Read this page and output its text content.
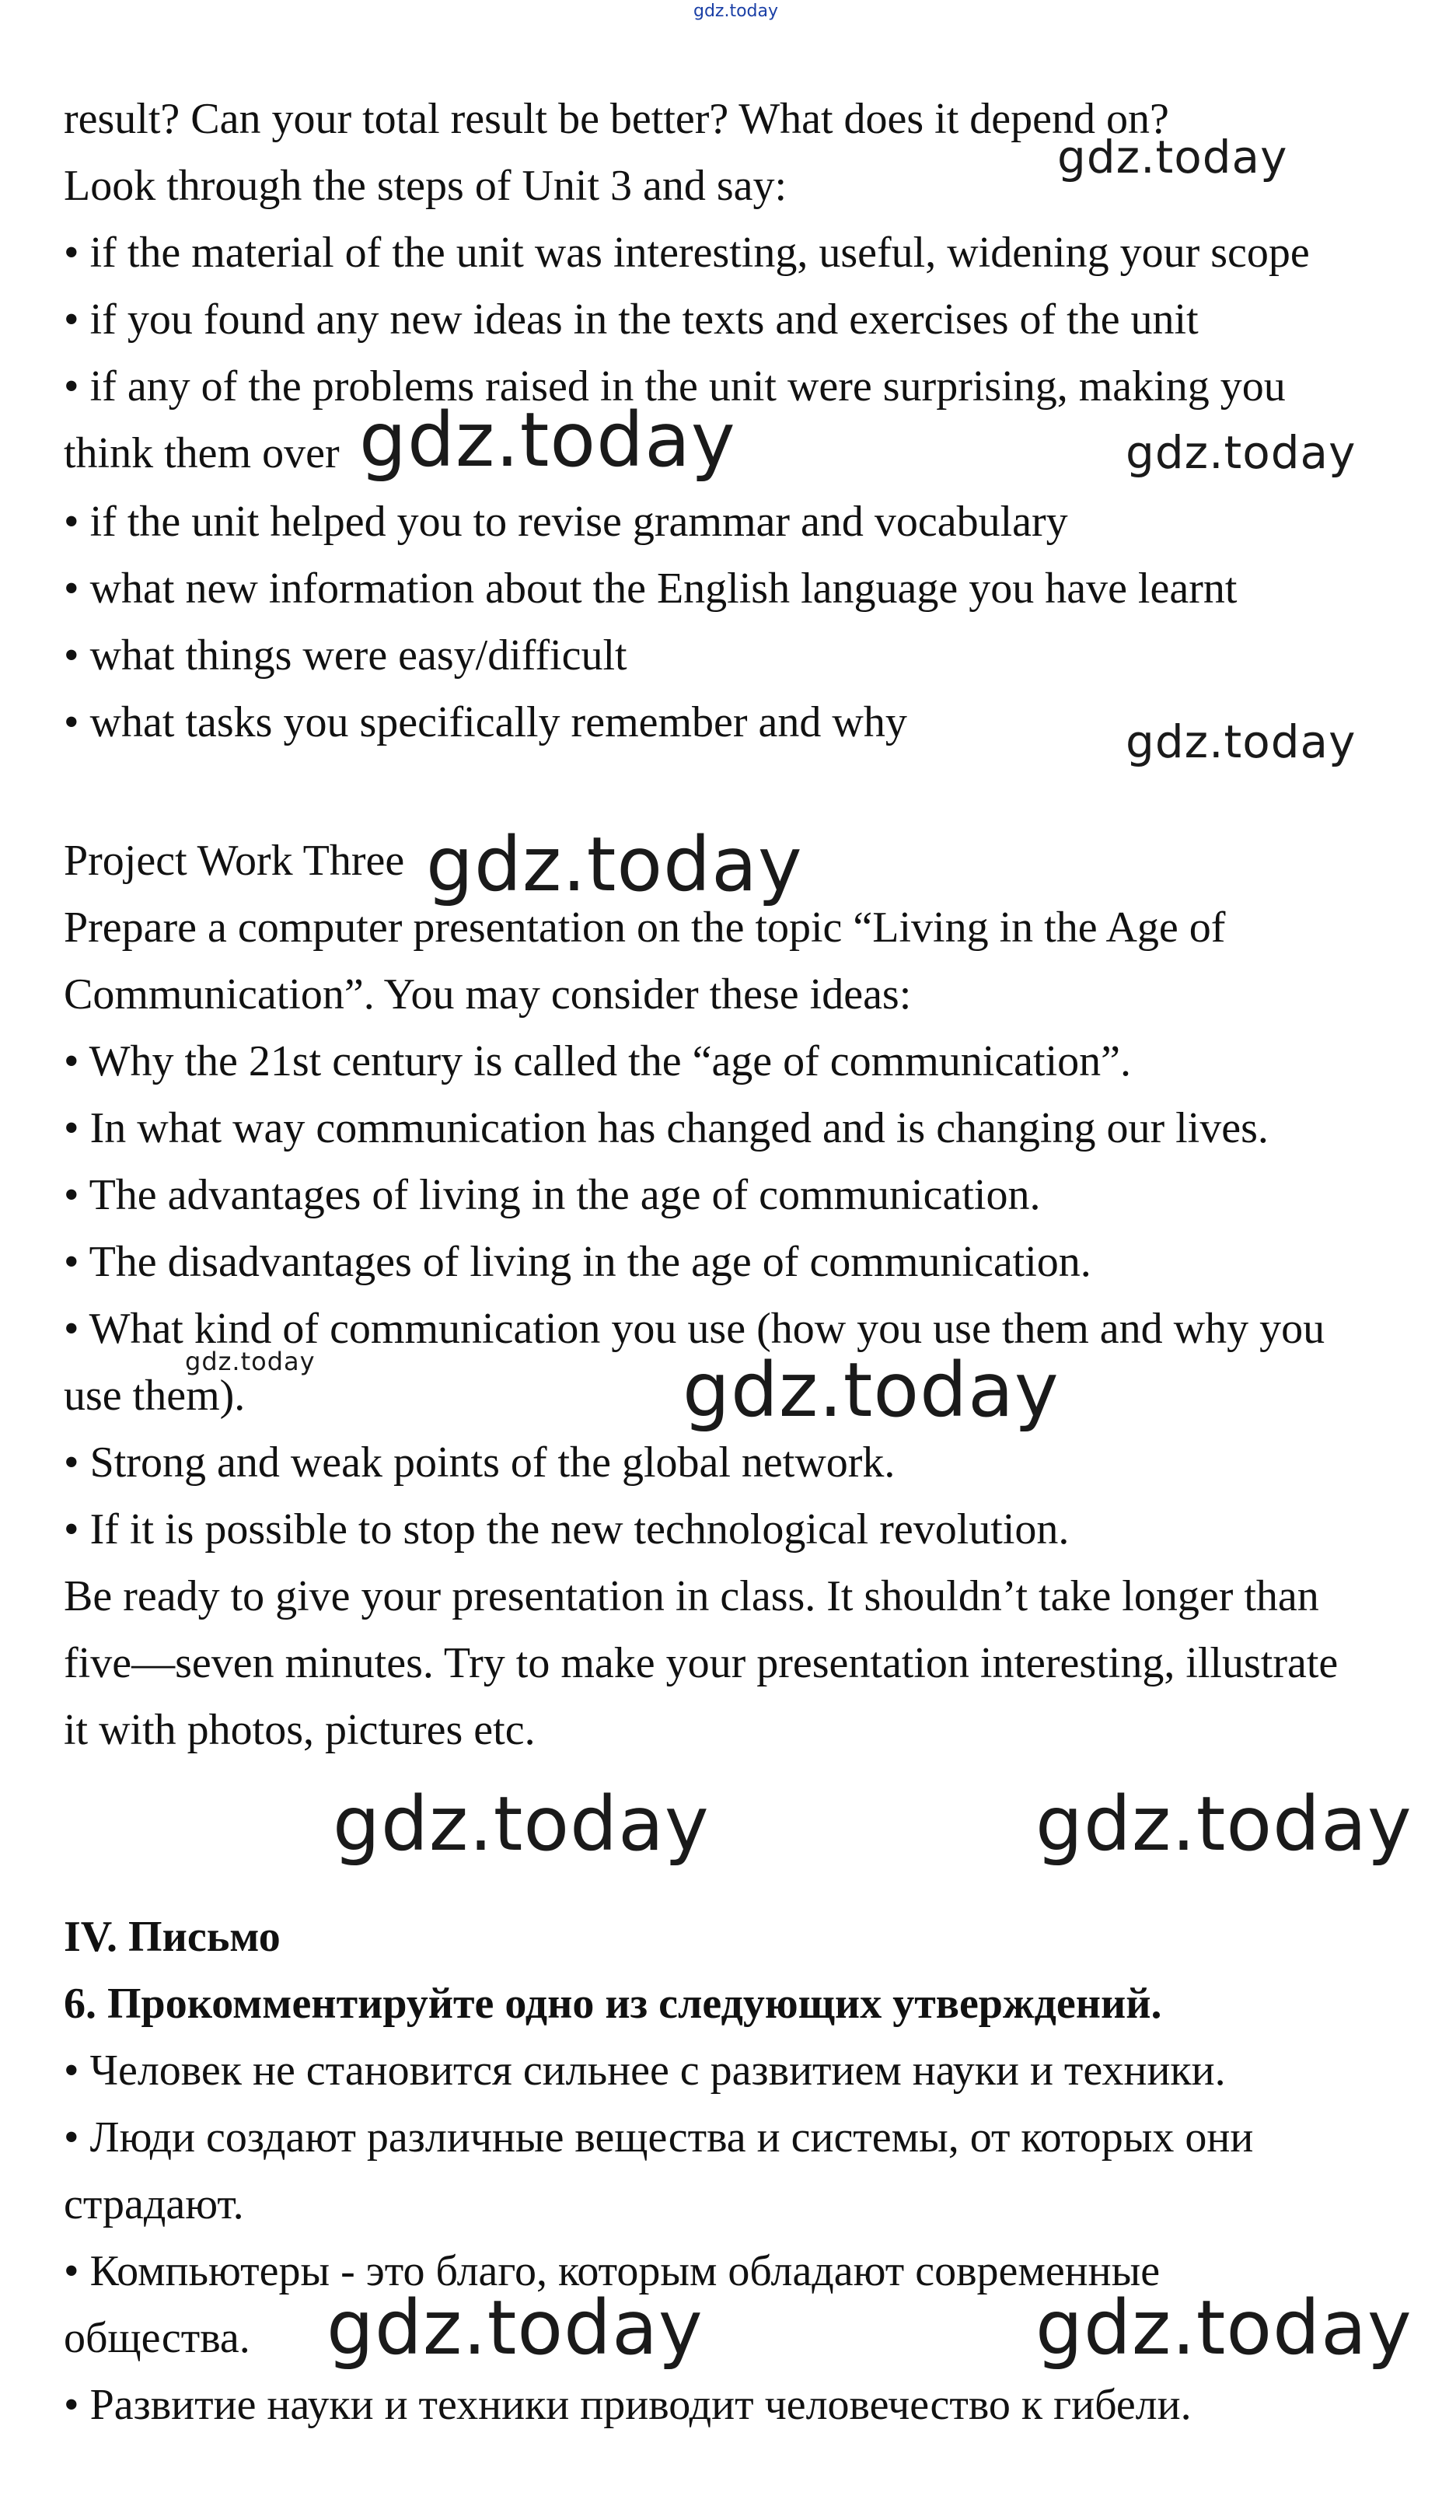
gdz.today
result? Can your total result be better? What does it depend on?
Look through the steps of Unit 3 and say:
• if the material of the unit was interesting, useful, widening your scope
• if you found any new ideas in the texts and exercises of the unit
• if any of the problems raised in the unit were surprising, making you
think them over
• if the unit helped you to revise grammar and vocabulary
• what new information about the English language you have learnt
• what things were easy/difficult
• what tasks you specifically remember and why
Project Work Three
Prepare a computer presentation on the topic “Living in the Age of
Communication”. You may consider these ideas:
• Why the 21st century is called the “age of communication”.
• In what way communication has changed and is changing our lives.
• The advantages of living in the age of communication.
• The disadvantages of living in the age of communication.
• What kind of communication you use (how you use them and why you
use them).
• Strong and weak points of the global network.
• If it is possible to stop the new technological revolution.
Be ready to give your presentation in class. It shouldn’t take longer than
five—seven minutes. Try to make your presentation interesting, illustrate
it with photos, pictures etc.
IV. Письмо
6. Прокомментируйте одно из следующих утверждений.
• Человек не становится сильнее с развитием науки и техники.
• Люди создают различные вещества и системы, от которых они
страдают.
• Компьютеры - это благо, которым обладают современные
общества.
• Развитие науки и техники приводит человечество к гибели.
gdz.today
gdz.today	gdz.today
gdz.today
gdz.today
gdz.today	gdz.today
gdz.today	gdz.today
gdz.today	gdz.today
